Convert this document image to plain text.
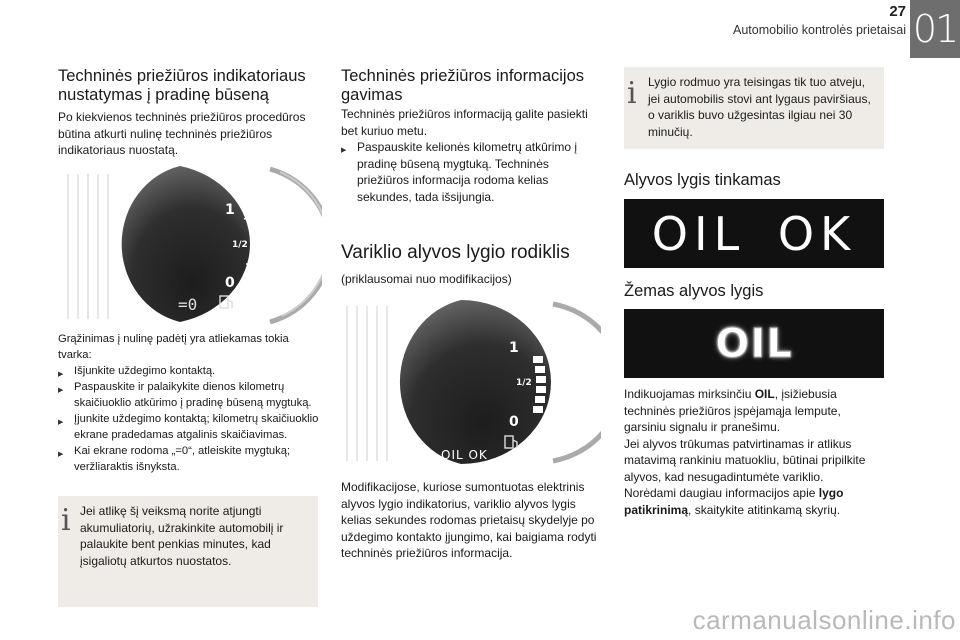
27
Automobilio kontrolės prietaisai 01
Techninės priežiūros indikatoriaus nustatymas į pradinę būseną

Po kiekvienos techninės priežiūros procedūros būtina atkurti nulinę techninės priežiūros indikatoriaus nuostatą.

1
1/2
0
=0

Grąžinimas į nulinę padėtį yra atliekamas tokia tvarka:

▶ Išjunkite uždegimo kontaktą.
▶ Paspauskite ir palaikykite dienos kilometrų skaičiuoklio atkūrimo į pradinę būseną mygtuką.
▶ Įjunkite uždegimo kontaktą; kilometrų skaičiuoklio ekrane pradedamas atgalinis skaičiavimas.
▶ Kai ekrane rodoma „=0“, atleiskite mygtuką; veržliaraktis išnyksta.
i Jei atlikę šį veiksmą norite atjungti akumuliatorių, užrakinkite automobilį ir palaukite bent penkias minutes, kad įsigaliotų atkurtos nuostatos.

Techninės priežiūros informacijos gavimas

Techninės priežiūros informaciją galite pasiekti bet kuriuo metu.

▶ Paspauskite kelionės kilometrų atkūrimo į pradinę būseną mygtuką. Techninės priežiūros informacija rodoma kelias sekundes, tada išsijungia.
Variklio alyvos lygio rodiklis

(priklausomai nuo modifikacijos)

1
1/2
0
OIL OK

Modifikacijose, kuriose sumontuotas elektrinis alyvos lygio indikatorius, variklio alyvos lygis kelias sekundes rodomas prietaisų skydelyje po uždegimo kontakto įjungimo, kai baigiama rodyti techninės priežiūros informacija.

i Lygio rodmuo yra teisingas tik tuo atveju, jei automobilis stovi ant lygaus paviršiaus, o variklis buvo užgesintas ilgiau nei 30 minučių.

Alyvos lygis tinkamas
OIL OK
Žemas alyvos lygis
OIL

Indikuojamas mirksinčiu OIL, įsižiebusia techninės priežiūros įspėjamąja lempute, garsiniu signalu ir pranešimu.

Jei alyvos trūkumas patvirtinamas ir atlikus matavimą rankiniu matuokliu, būtinai pripilkite alyvos, kad nesugadintumėte variklio.

Norėdami daugiau informacijos apie lygo patikrinimą, skaitykite atitinkamą skyrių.

carmanualsonline.info
